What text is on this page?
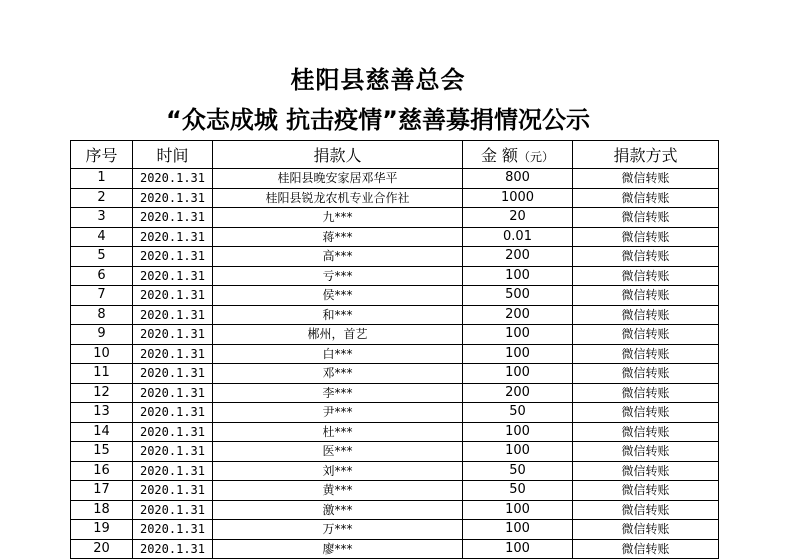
桂阳县慈善总会
“众志成城 抗击疫情”慈善募捐情况公示
序号	时间	捐款人	金 额（元）	捐款方式
1	2020.1.31	桂阳县晚安家居邓华平	800	微信转账
2	2020.1.31	桂阳县锐龙农机专业合作社	1000	微信转账
3	2020.1.31	九***	20	微信转账
4	2020.1.31	蒋***	0.01	微信转账
5	2020.1.31	高***	200	微信转账
6	2020.1.31	亏***	100	微信转账
7	2020.1.31	侯***	500	微信转账
8	2020.1.31	和***	200	微信转账
9	2020.1.31	郴州，首艺	100	微信转账
10	2020.1.31	白***	100	微信转账
11	2020.1.31	邓***	100	微信转账
12	2020.1.31	李***	200	微信转账
13	2020.1.31	尹***	50	微信转账
14	2020.1.31	杜***	100	微信转账
15	2020.1.31	医***	100	微信转账
16	2020.1.31	刘***	50	微信转账
17	2020.1.31	黄***	50	微信转账
18	2020.1.31	激***	100	微信转账
19	2020.1.31	万***	100	微信转账
20	2020.1.31	廖***	100	微信转账
